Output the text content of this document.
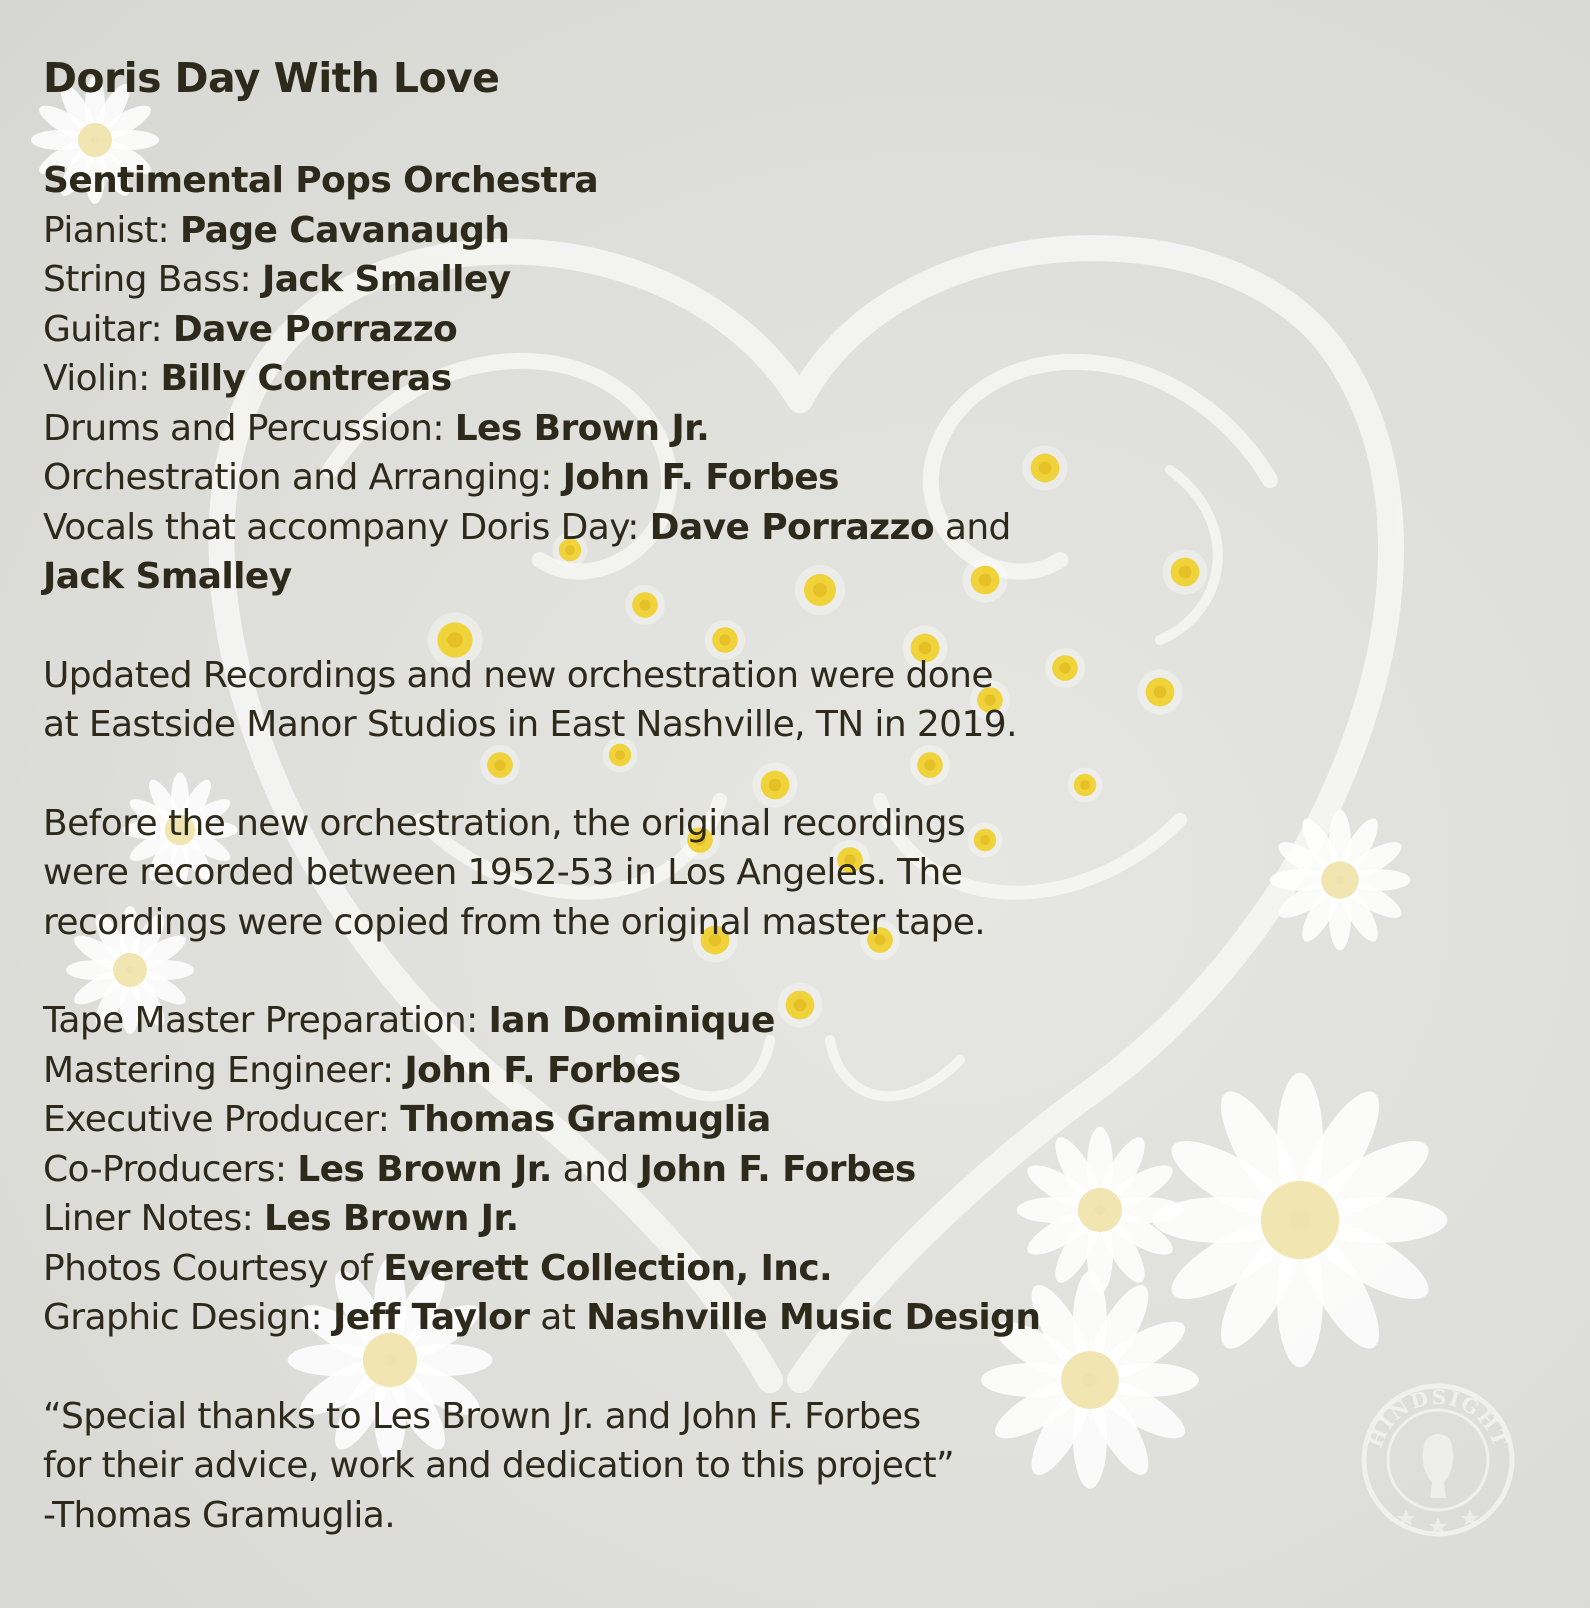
Doris Day With Love
Sentimental Pops Orchestra
Pianist: Page Cavanaugh
String Bass: Jack Smalley
Guitar: Dave Porrazzo
Violin: Billy Contreras
Drums and Percussion: Les Brown Jr.
Orchestration and Arranging: John F. Forbes
Vocals that accompany Doris Day: Dave Porrazzo and
Jack Smalley
Updated Recordings and new orchestration were done
at Eastside Manor Studios in East Nashville, TN in 2019.
Before the new orchestration, the original recordings
were recorded between 1952-53 in Los Angeles. The
recordings were copied from the original master tape.
Tape Master Preparation: Ian Dominique
Mastering Engineer: John F. Forbes
Executive Producer: Thomas Gramuglia
Co-Producers: Les Brown Jr. and John F. Forbes
Liner Notes: Les Brown Jr.
Photos Courtesy of Everett Collection, Inc.
Graphic Design: Jeff Taylor at Nashville Music Design
“Special thanks to Les Brown Jr. and John F. Forbes
for their advice, work and dedication to this project”
-Thomas Gramuglia.
HINDSIGHT
